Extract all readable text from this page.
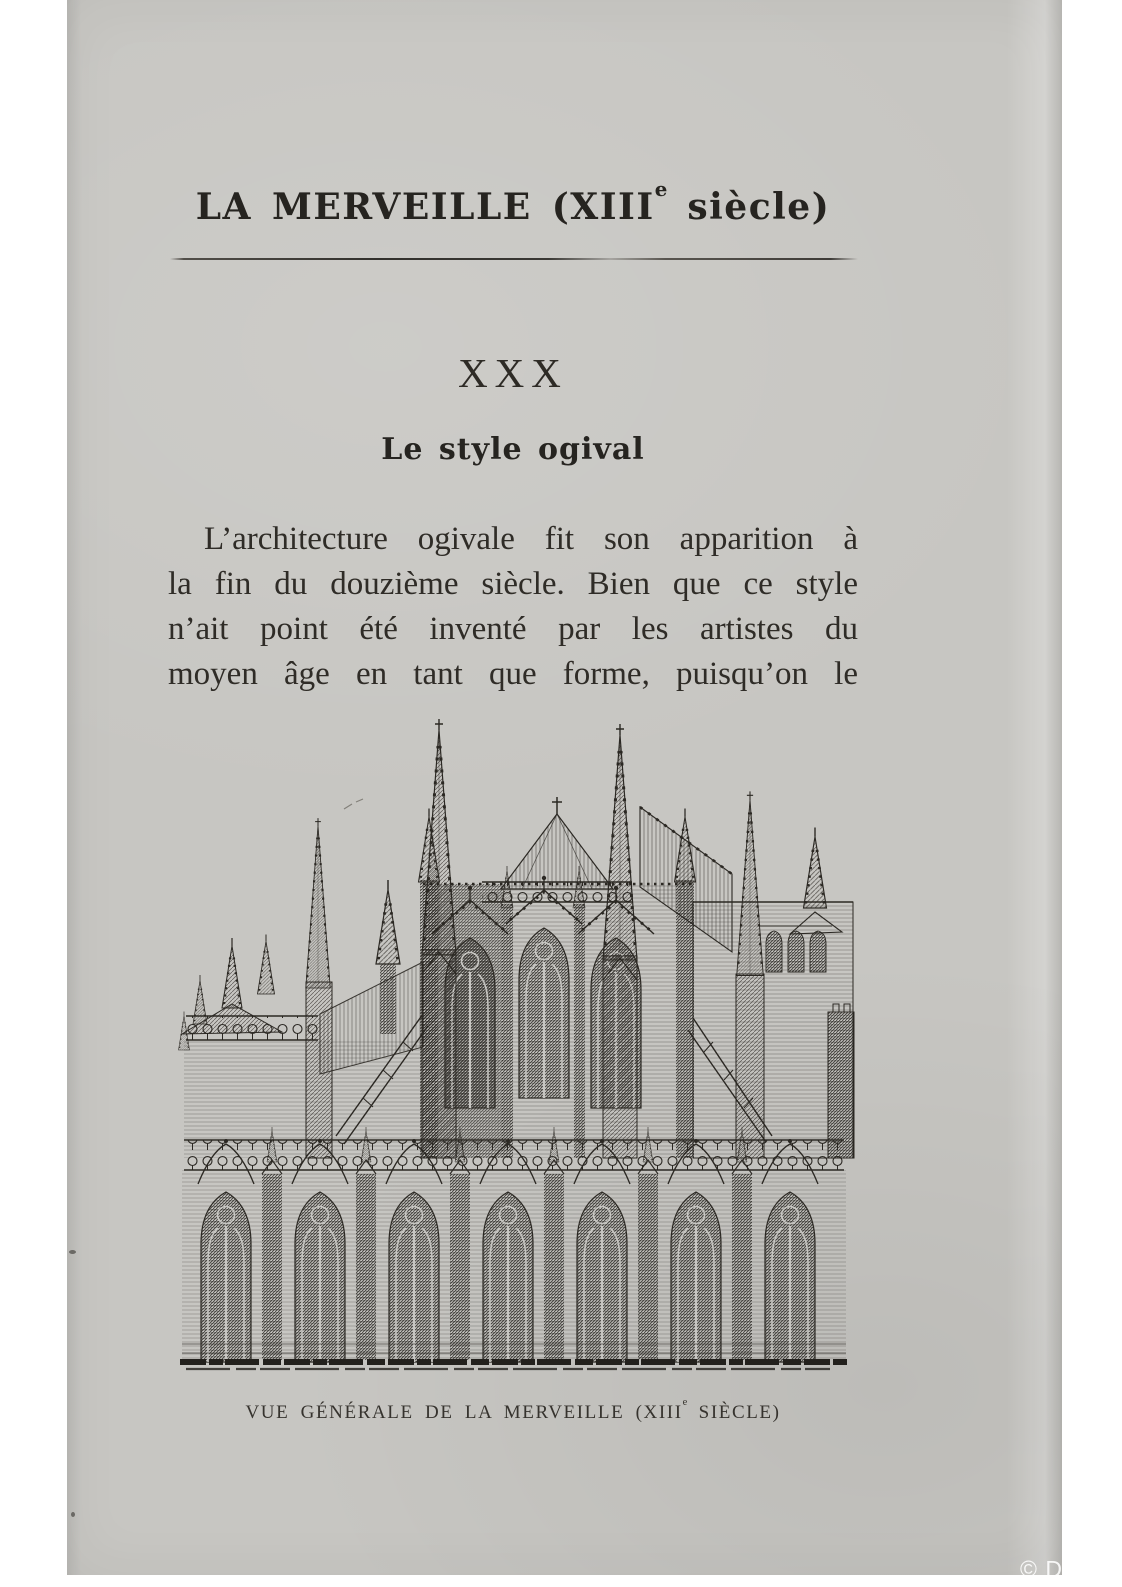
LA MERVEILLE (XIIIe siècle)
XXX
Le style ogival
L’architecture ogivale fit son apparition à
la fin du douzième siècle. Bien que ce style
n’ait point été inventé par les artistes du
moyen âge en tant que forme, puisqu’on le
VUE GÉNÉRALE DE LA MERVEILLE (XIIIe SIÈCLE)
© DR
